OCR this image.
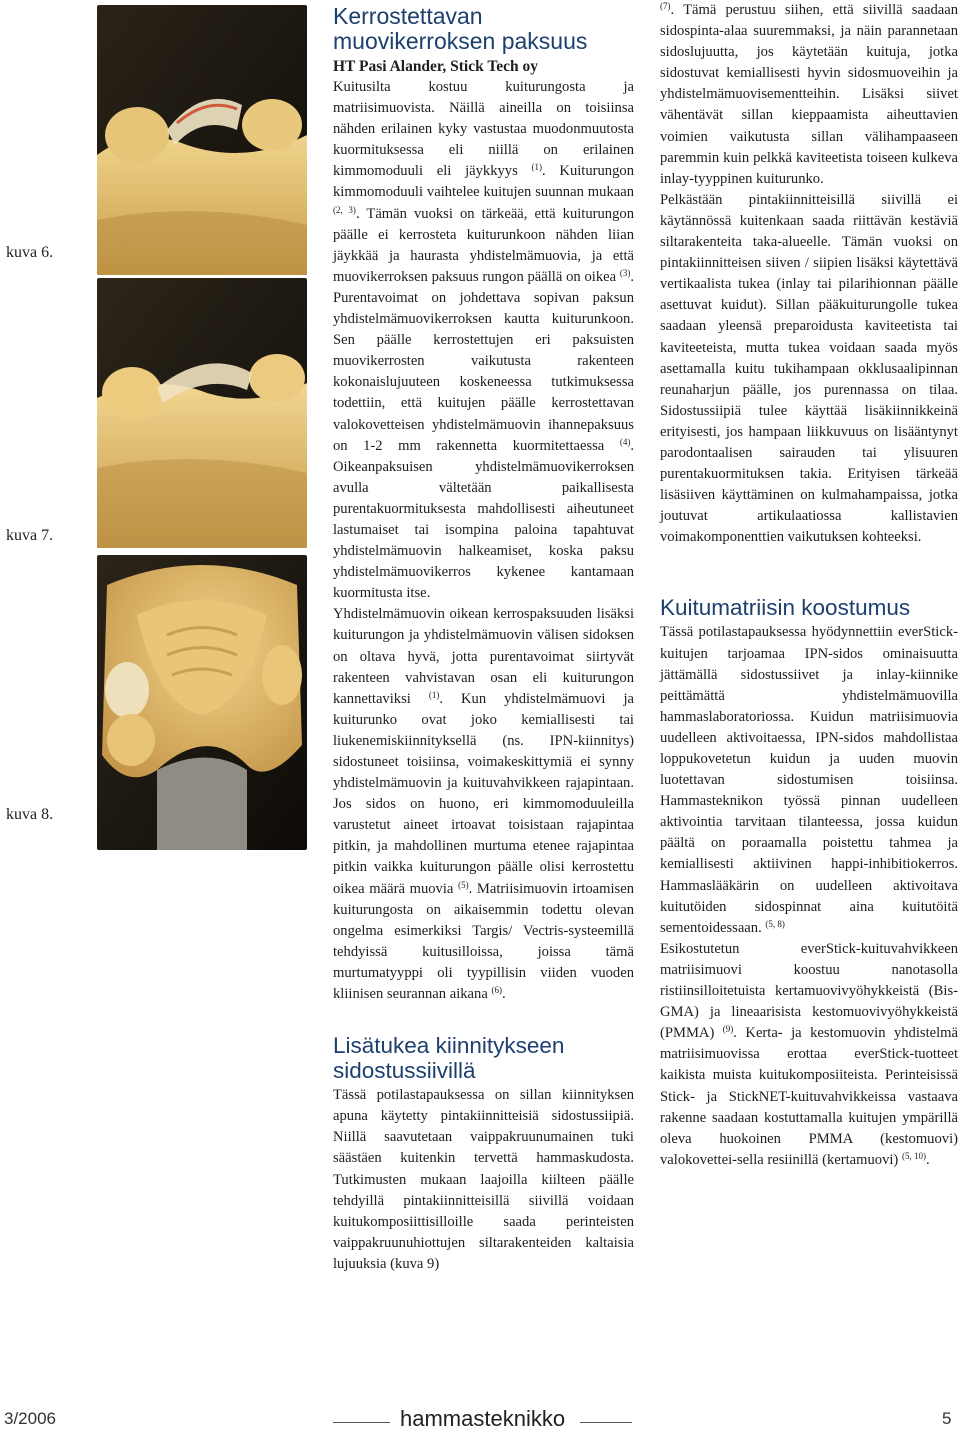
kuva 6.
kuva 7.
kuva 8.
Kerrostettavan muovikerroksen paksuus

HT Pasi Alander, Stick Tech oy

Kuitusilta kostuu kuiturungosta ja matriisimuovista. Näillä aineilla on toisiinsa nähden erilainen kyky vastustaa muodonmuutosta kuormituksessa eli niillä on erilainen kimmomoduuli eli jäykkyys $^{(1)}$. Kuiturungon kimmomoduuli vaihtelee kuitujen suunnan mukaan $^{(2, 3)}$. Tämän vuoksi on tärkeää, että kuiturungon päälle ei kerrosteta kuiturunkoon nähden liian jäykkää ja haurasta yhdistelmämuovia, ja että muovikerroksen paksuus rungon päällä on oikea $^{(3)}$. Purentavoimat on johdettava sopivan paksun yhdistelmämuovikerroksen kautta kuiturunkoon. Sen päälle kerrostettujen eri paksuisten muovikerrosten vaikutusta rakenteen kokonaislujuuteen koskeneessa tutkimuksessa todettiin, että kuitujen päälle kerrostettavan valokovetteisen yhdistelmämuovin ihannepaksuus on 1-2 mm rakennetta kuormitettaessa $^{(4)}$. Oikeanpaksuisen yhdistelmämuovikerroksen avulla vältetään paikallisesta purentakuormituksesta mahdollisesti aiheutuneet lastumaiset tai isompina paloina tapahtuvat yhdistelmämuovin halkeamiset, koska paksu yhdistelmämuovikerros kykenee kantamaan kuormitusta itse.

Yhdistelmämuovin oikean kerrospaksuuden lisäksi kuiturungon ja yhdistelmämuovin välisen sidoksen on oltava hyvä, jotta purentavoimat siirtyvät rakenteen vahvistavan osan eli kuiturungon kannettaviksi $^{(1)}$. Kun yhdistelmämuovi ja kuiturunko ovat joko kemiallisesti tai liukenemiskiinnityksellä (ns. IPN-kiinnitys) sidostuneet toisiinsa, voimakeskittymiä ei synny yhdistelmämuovin ja kuituvahvikkeen rajapintaan. Jos sidos on huono, eri kimmomoduuleilla varustetut aineet irtoavat toisistaan rajapintaa pitkin, ja mahdollinen murtuma etenee rajapintaa pitkin vaikka kuiturungon päälle olisi kerrostettu oikea määrä muovia $^{(5)}$. Matriisimuovin irtoamisen kuiturungosta on aikaisemmin todettu olevan ongelma esimerkiksi Targis/ Vectris-systeemillä tehdyissä kuitusilloissa, joissa tämä murtumatyyppi oli tyypillisin viiden vuoden kliinisen seurannan aikana $^{(6)}$.

Lisätukea kiinnitykseen sidostussiivillä

Tässä potilastapauksessa on sillan kiinnityksen apuna käytetty pintakiinnitteisiä sidostussiipiä. Niillä saavutetaan vaippakruunumainen tuki säästäen kuitenkin tervettä hammaskudosta. Tutkimusten mukaan laajoilla kiilteen päälle tehdyillä pintakiinnitteisillä siivillä voidaan kuitukomposiittisilloille saada perinteisten vaippakruunuhiottujen siltarakenteiden kaltaisia lujuuksia (kuva 9)

$^{(7)}$. Tämä perustuu siihen, että siivillä saadaan sidospinta-alaa suuremmaksi, ja näin parannetaan sidoslujuutta, jos käytetään kuituja, jotka sidostuvat kemiallisesti hyvin sidosmuoveihin ja yhdistelmämuovisementteihin. Lisäksi siivet vähentävät sillan kieppaamista aiheuttavien voimien vaikutusta sillan välihampaaseen paremmin kuin pelkkä kaviteetista toiseen kulkeva inlay-tyyppinen kuiturunko.

Pelkästään pintakiinnitteisillä siivillä ei käytännössä kuitenkaan saada riittävän kestäviä siltarakenteita taka-alueelle. Tämän vuoksi on pintakiinnitteisen siiven / siipien lisäksi käytettävä vertikaalista tukea (inlay tai pilarihionnan päälle asettuvat kuidut). Sillan pääkuiturungolle tukea saadaan yleensä preparoidusta kaviteetista tai kaviteeteista, mutta tukea voidaan saada myös asettamalla kuitu tukihampaan okklusaalipinnan reunaharjun päälle, jos purennassa on tilaa. Sidostussiipiä tulee käyttää lisäkiinnikkeinä erityisesti, jos hampaan liikkuvuus on lisääntynyt parodontaalisen sairauden tai ylisuuren purentakuormituksen takia. Erityisen tärkeää lisäsiiven käyttäminen on kulmahampaissa, jotka joutuvat artikulaatiossa kallistavien voimakomponenttien vaikutuksen kohteeksi.

Kuitumatriisin koostumus

Tässä potilastapauksessa hyödynnettiin everStick-kuitujen tarjoamaa IPN-sidos ominaisuutta jättämällä sidostussiivet ja inlay-kiinnike peittämättä yhdistelmämuovilla hammaslaboratoriossa. Kuidun matriisimuovia uudelleen aktivoitaessa, IPN-sidos mahdollistaa loppukovetetun kuidun ja uuden muovin luotettavan sidostumisen toisiinsa. Hammasteknikon työssä pinnan uudelleen aktivointia tarvitaan tilanteessa, jossa kuidun päältä on poraamalla poistettu tahmea ja kemiallisesti aktiivinen happi-inhibitiokerros. Hammaslääkärin on uudelleen aktivoitava kuitutöiden sidospinnat aina kuitutöitä sementoidessaan. $^{(5, 8)}$

Esikostutetun everStick-kuituvahvikkeen matriisimuovi koostuu nanotasolla ristiinsilloitetuista kertamuovivyöhykkeistä (Bis-GMA) ja lineaarisista kestomuovivyöhykkeistä (PMMA) $^{(9)}$. Kerta- ja kestomuovin yhdistelmä matriisimuovissa erottaa everStick-tuotteet kaikista muista kuitukomposiiteista. Perinteisissä Stick- ja StickNET-kuituvahvikkeissa vastaava rakenne saadaan kostuttamalla kuitujen ympärillä oleva huokoinen PMMA (kestomuovi) valokovettei-sella resiinillä (kertamuovi) $^{(5, 10)}$.

3/2006	hammasteknikko	5
